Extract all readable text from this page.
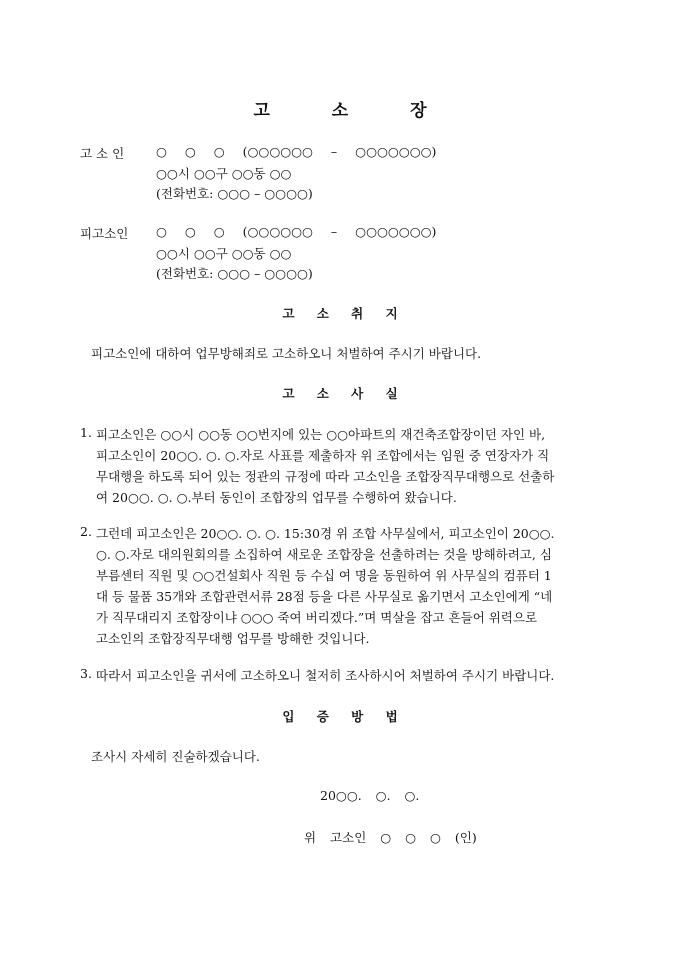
고 소 장
고 소 인	○ ○ ○ (○○○○○○ – ○○○○○○○)
○○시 ○○구 ○○동 ○○
(전화번호: ○○○ – ○○○○)
피고소인	○ ○ ○ (○○○○○○ – ○○○○○○○)
○○시 ○○구 ○○동 ○○
(전화번호: ○○○ – ○○○○)
고 소 취 지
피고소인에 대하여 업무방해죄로 고소하오니 처벌하여 주시기 바랍니다.
고 소 사 실
1. 피고소인은 ○○시 ○○동 ○○번지에 있는 ○○아파트의 재건축조합장이던 자인 바,
피고소인이 20○○. ○. ○.자로 사표를 제출하자 위 조합에서는 임원 중 연장자가 직
무대행을 하도록 되어 있는 정관의 규정에 따라 고소인을 조합장직무대행으로 선출하
여 20○○. ○. ○.부터 동인이 조합장의 업무를 수행하여 왔습니다.
2. 그런데 피고소인은 20○○. ○. ○. 15:30경 위 조합 사무실에서, 피고소인이 20○○.
○. ○.자로 대의원회의를 소집하여 새로운 조합장을 선출하려는 것을 방해하려고, 심
부름센터 직원 및 ○○건설회사 직원 등 수십 여 명을 동원하여 위 사무실의 컴퓨터 1
대 등 물품 35개와 조합관련서류 28점 등을 다른 사무실로 옮기면서 고소인에게 “네
가 직무대리지 조합장이냐 ○○○ 죽여 버리겠다.”며 멱살을 잡고 흔들어 위력으로
고소인의 조합장직무대행 업무를 방해한 것입니다.
3. 따라서 피고소인을 귀서에 고소하오니 철저히 조사하시어 처벌하여 주시기 바랍니다.
입 증 방 법
조사시 자세히 진술하겠습니다.
20○○. ○. ○.
위 고소인 ○ ○ ○ (인)
